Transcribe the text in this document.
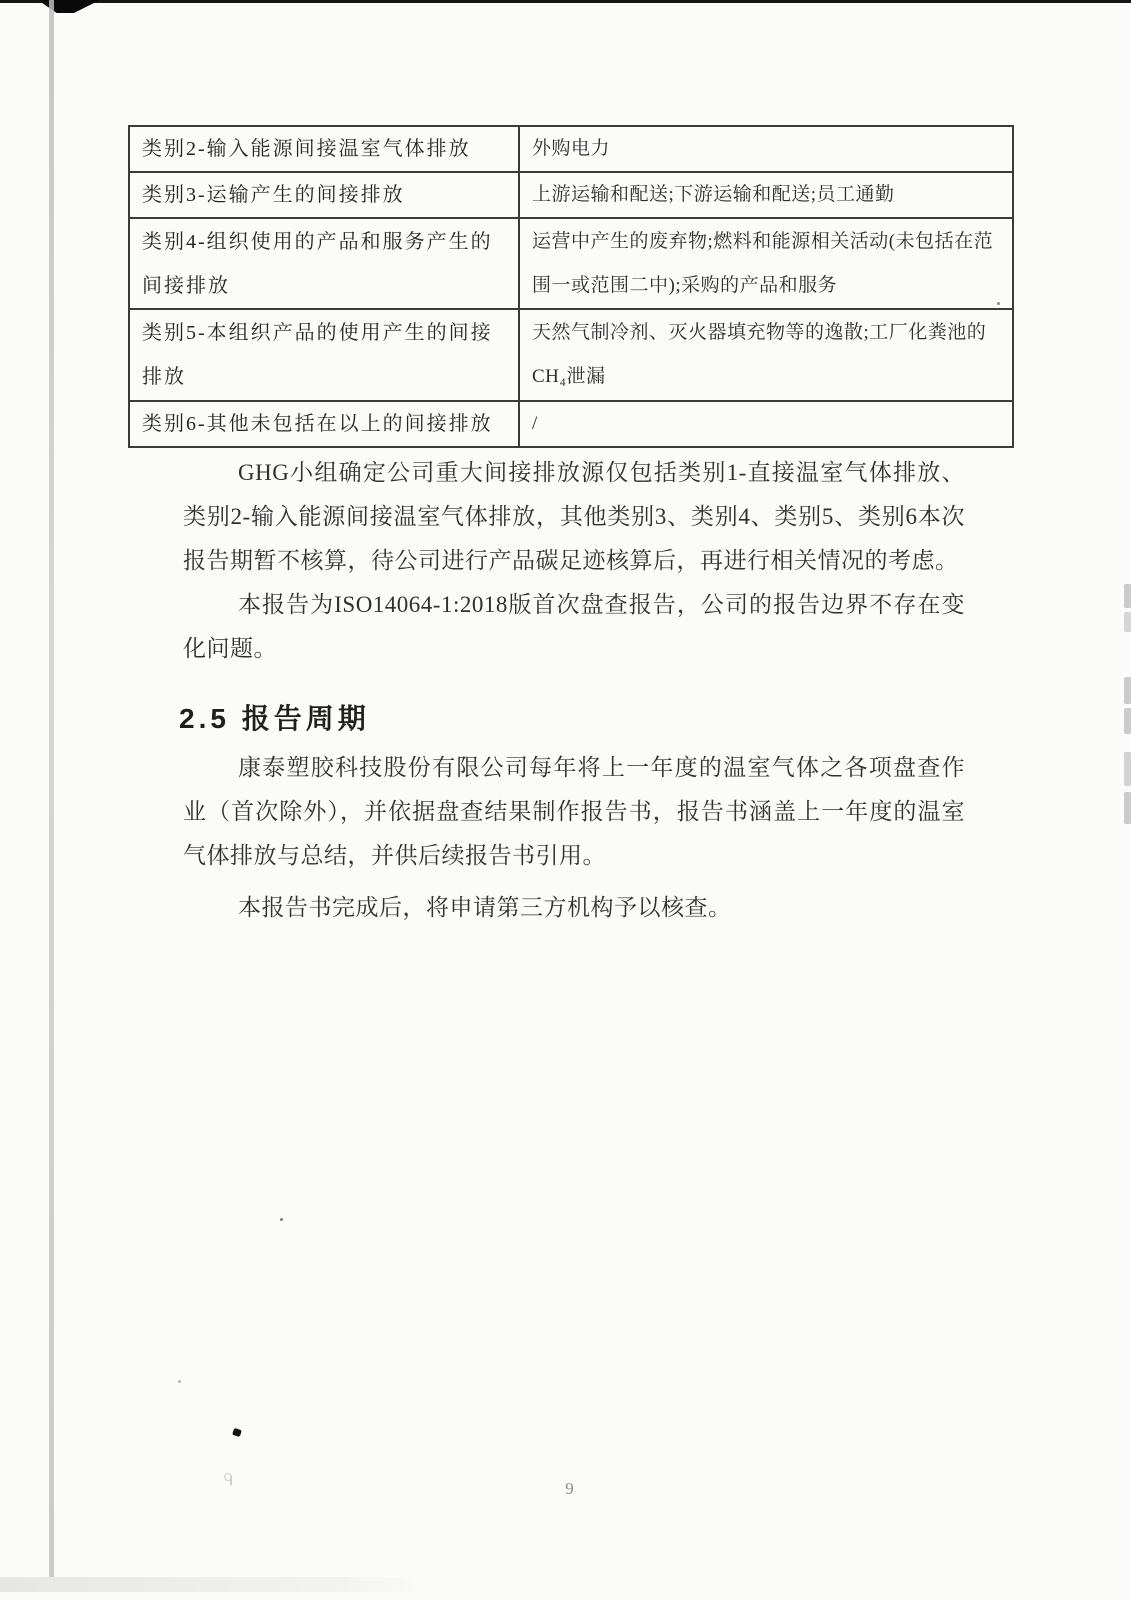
类别2-输入能源间接温室气体排放	外购电力
类别3-运输产生的间接排放	上游运输和配送;下游运输和配送;员工通勤
类别4-组织使用的产品和服务产生的间接排放	运营中产生的废弃物;燃料和能源相关活动(未包括在范围一或范围二中);采购的产品和服务
类别5-本组织产品的使用产生的间接排放	天然气制冷剂、灭火器填充物等的逸散;工厂化粪池的CH₄泄漏
类别6-其他未包括在以上的间接排放	/
GHG小组确定公司重大间接排放源仅包括类别1-直接温室气体排放、类别2-输入能源间接温室气体排放，其他类别3、类别4、类别5、类别6本次报告期暂不核算，待公司进行产品碳足迹核算后，再进行相关情况的考虑。
本报告为ISO14064-1:2018版首次盘查报告，公司的报告边界不存在变化问题。
2.5 报告周期
康泰塑胶科技股份有限公司每年将上一年度的温室气体之各项盘查作业（首次除外），并依据盘查结果制作报告书，报告书涵盖上一年度的温室气体排放与总结，并供后续报告书引用。
本报告书完成后，将申请第三方机构予以核查。
9
